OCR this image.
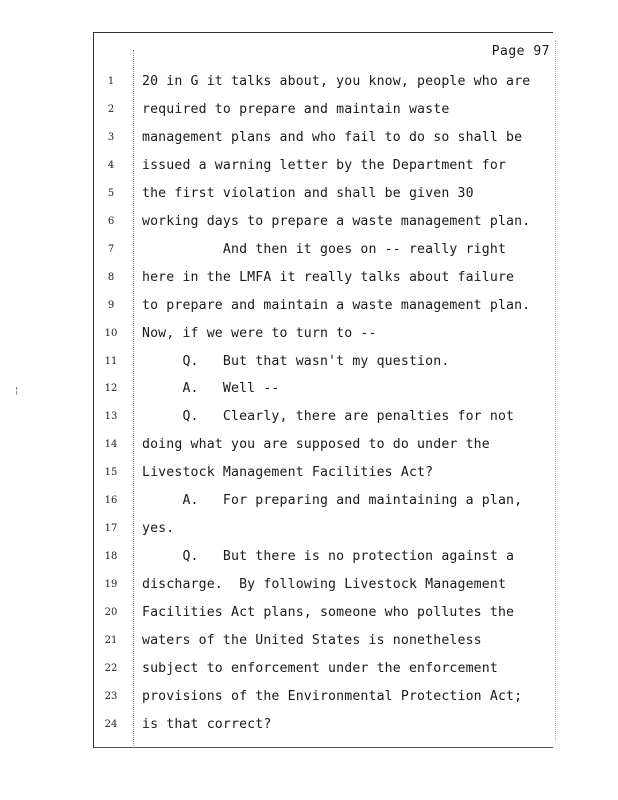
¦
Page 97
1	20 in G it talks about, you know, people who are
2	required to prepare and maintain waste
3	management plans and who fail to do so shall be
4	issued a warning letter by the Department for
5	the first violation and shall be given 30
6	working days to prepare a waste management plan.
7	And then it goes on -- really right
8	here in the LMFA it really talks about failure
9	to prepare and maintain a waste management plan.
10	Now, if we were to turn to --
11	Q.   But that wasn't my question.
12	A.   Well --
13	Q.   Clearly, there are penalties for not
14	doing what you are supposed to do under the
15	Livestock Management Facilities Act?
16	A.   For preparing and maintaining a plan,
17	yes.
18	Q.   But there is no protection against a
19	discharge.  By following Livestock Management
20	Facilities Act plans, someone who pollutes the
21	waters of the United States is nonetheless
22	subject to enforcement under the enforcement
23	provisions of the Environmental Protection Act;
24	is that correct?
